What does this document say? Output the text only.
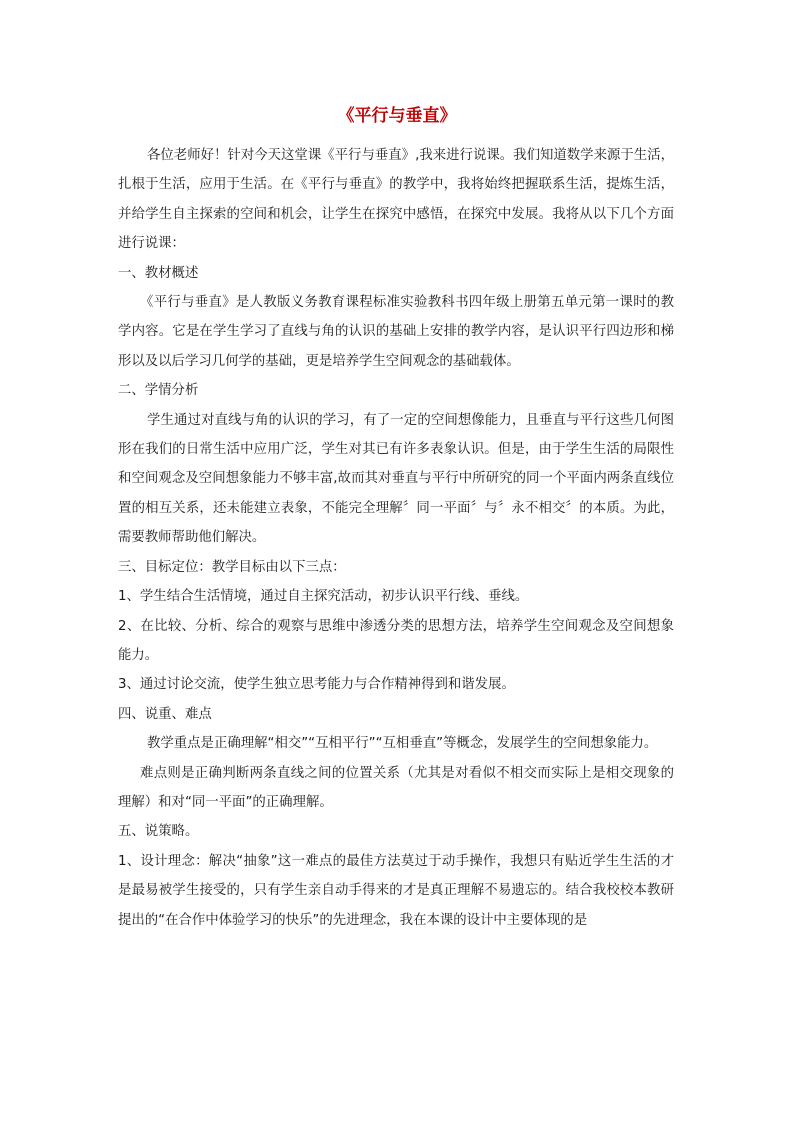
《平行与垂直》

各位老师好！针对今天这堂课《平行与垂直》,我来进行说课。我们知道数学来源于生活，扎根于生活，应用于生活。在《平行与垂直》的教学中，我将始终把握联系生活，提炼生活，并给学生自主探索的空间和机会，让学生在探究中感悟，在探究中发展。我将从以下几个方面进行说课：

一、教材概述

《平行与垂直》是人教版义务教育课程标准实验教科书四年级上册第五单元第一课时的教学内容。它是在学生学习了直线与角的认识的基础上安排的教学内容，是认识平行四边形和梯形以及以后学习几何学的基础，更是培养学生空间观念的基础载体。

二、学情分析

学生通过对直线与角的认识的学习，有了一定的空间想像能力，且垂直与平行这些几何图形在我们的日常生活中应用广泛，学生对其已有许多表象认识。但是，由于学生生活的局限性和空间观念及空间想象能力不够丰富,故而其对垂直与平行中所研究的同一个平面内两条直线位置的相互关系，还未能建立表象，不能完全理解〞同一平面〞与〞永不相交〞的本质。为此，需要教师帮助他们解决。

三、目标定位：教学目标由以下三点：

1、学生结合生活情境，通过自主探究活动，初步认识平行线、垂线。

2、在比较、分析、综合的观察与思维中渗透分类的思想方法，培养学生空间观念及空间想象能力。

3、通过讨论交流，使学生独立思考能力与合作精神得到和谐发展。

四、说重、难点

教学重点是正确理解“相交”“互相平行”“互相垂直”等概念，发展学生的空间想象能力。

难点则是正确判断两条直线之间的位置关系（尤其是对看似不相交而实际上是相交现象的理解）和对“同一平面”的正确理解。

五、说策略。

1、设计理念：解决“抽象”这一难点的最佳方法莫过于动手操作，我想只有贴近学生生活的才是最易被学生接受的，只有学生亲自动手得来的才是真正理解不易遗忘的。结合我校校本教研提出的“在合作中体验学习的快乐”的先进理念，我在本课的设计中主要体现的是
